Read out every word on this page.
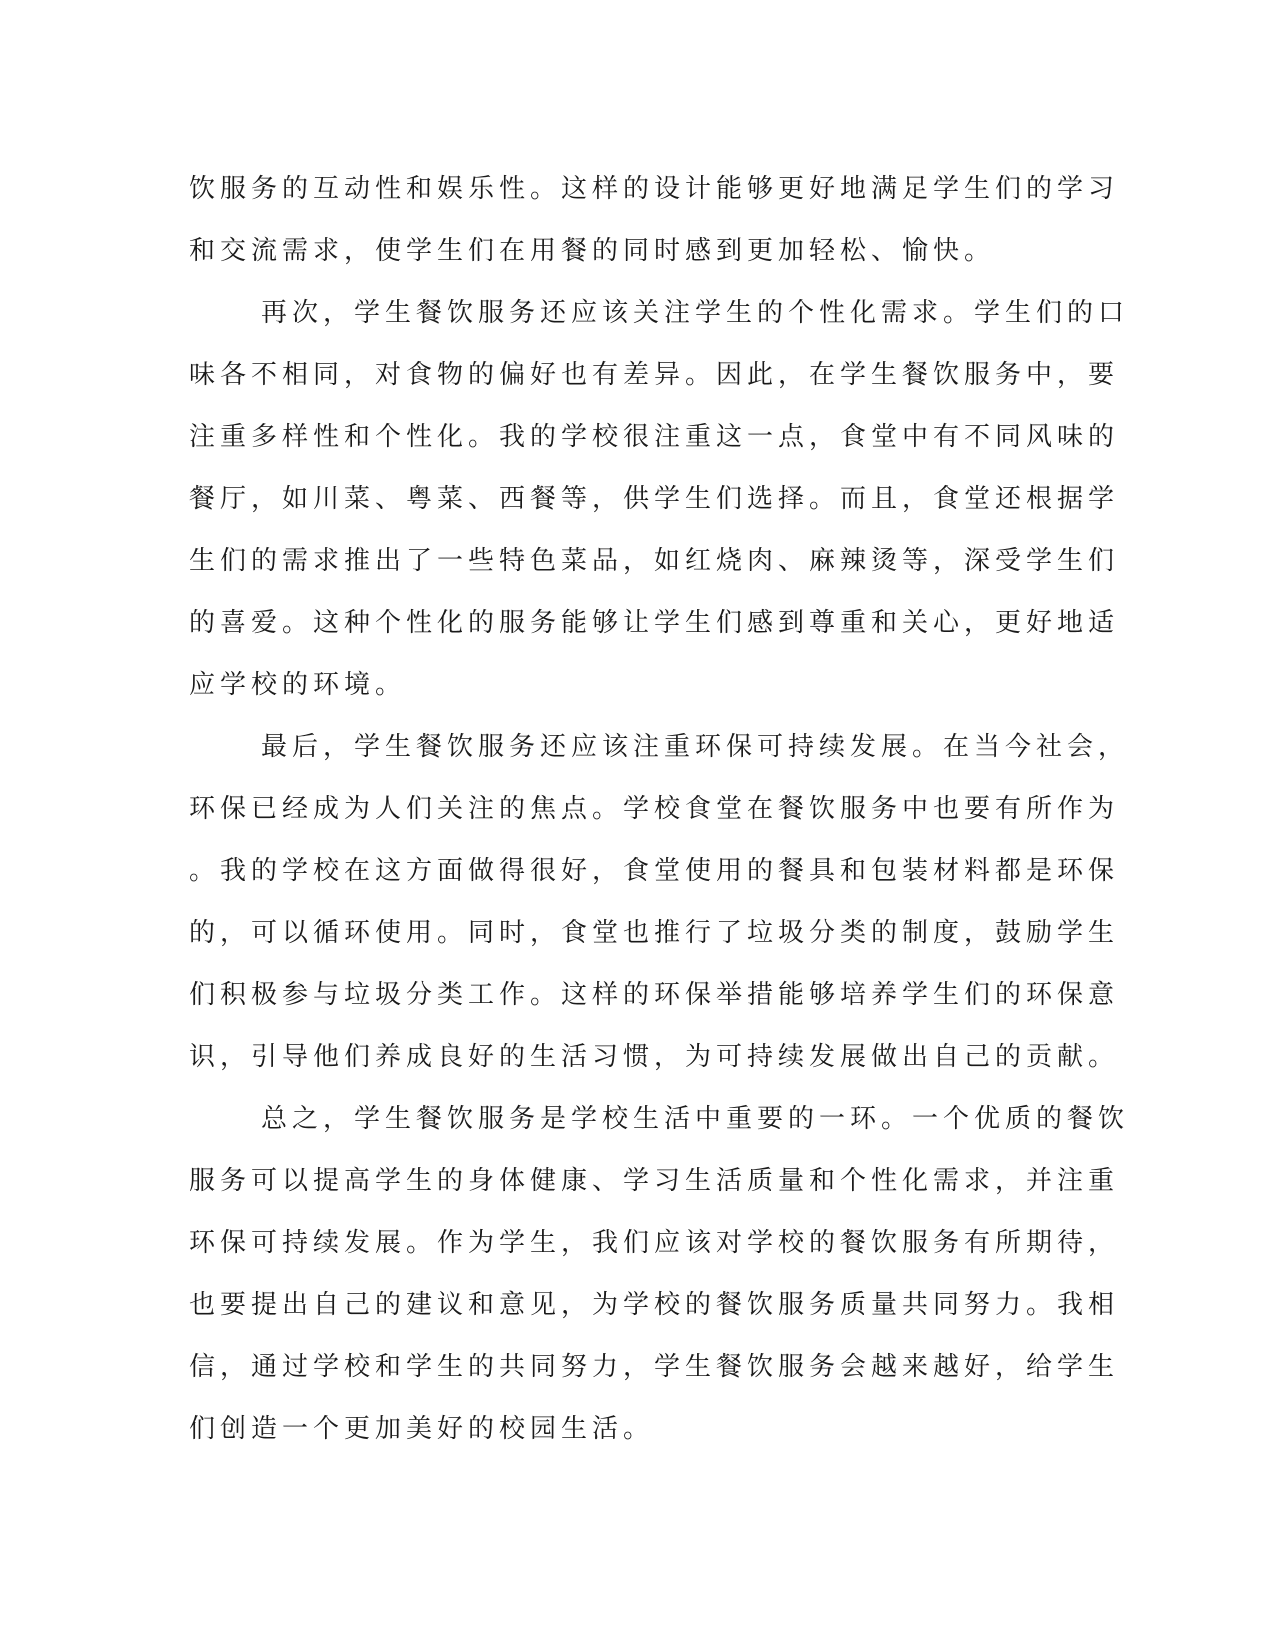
饮服务的互动性和娱乐性。这样的设计能够更好地满足学生们的学习
和交流需求，使学生们在用餐的同时感到更加轻松、愉快。
再次，学生餐饮服务还应该关注学生的个性化需求。学生们的口
味各不相同，对食物的偏好也有差异。因此，在学生餐饮服务中，要
注重多样性和个性化。我的学校很注重这一点，食堂中有不同风味的
餐厅，如川菜、粤菜、西餐等，供学生们选择。而且，食堂还根据学
生们的需求推出了一些特色菜品，如红烧肉、麻辣烫等，深受学生们
的喜爱。这种个性化的服务能够让学生们感到尊重和关心，更好地适
应学校的环境。
最后，学生餐饮服务还应该注重环保可持续发展。在当今社会，
环保已经成为人们关注的焦点。学校食堂在餐饮服务中也要有所作为
。我的学校在这方面做得很好，食堂使用的餐具和包装材料都是环保
的，可以循环使用。同时，食堂也推行了垃圾分类的制度，鼓励学生
们积极参与垃圾分类工作。这样的环保举措能够培养学生们的环保意
识，引导他们养成良好的生活习惯，为可持续发展做出自己的贡献。
总之，学生餐饮服务是学校生活中重要的一环。一个优质的餐饮
服务可以提高学生的身体健康、学习生活质量和个性化需求，并注重
环保可持续发展。作为学生，我们应该对学校的餐饮服务有所期待，
也要提出自己的建议和意见，为学校的餐饮服务质量共同努力。我相
信，通过学校和学生的共同努力，学生餐饮服务会越来越好，给学生
们创造一个更加美好的校园生活。
